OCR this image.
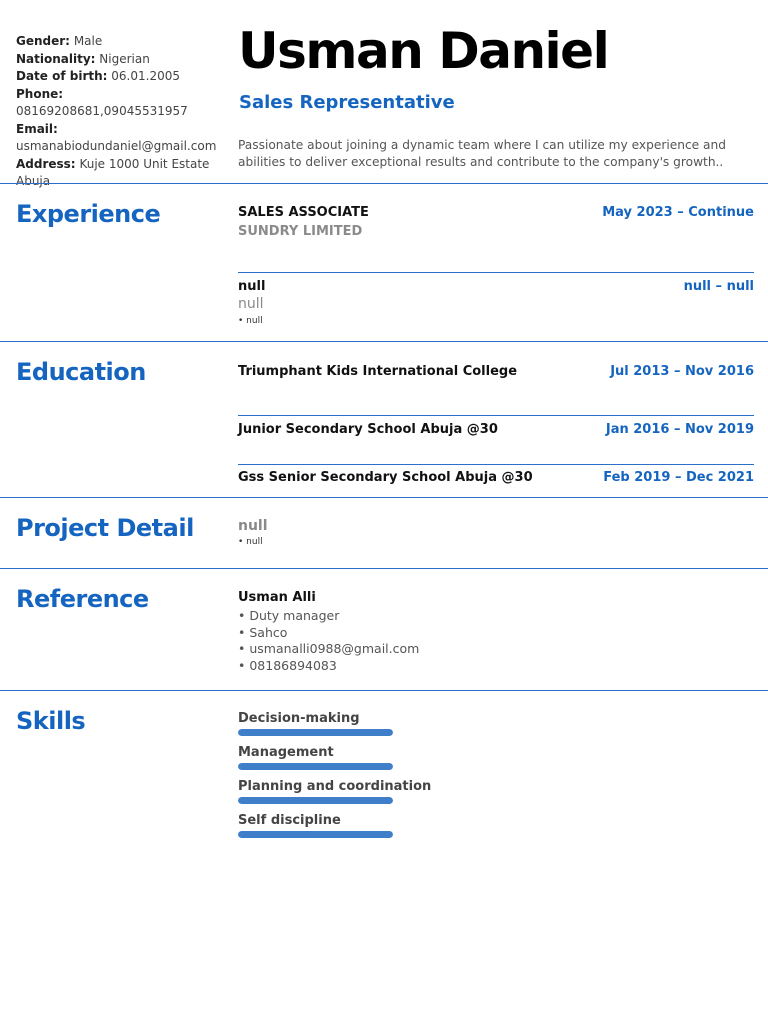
Gender: Male
Nationality: Nigerian
Date of birth: 06.01.2005
Phone: 08169208681,09045531957
Email:
usmanabiodundaniel@gmail.com
Address: Kuje 1000 Unit Estate Abuja
Usman Daniel
Sales Representative
Passionate about joining a dynamic team where I can utilize my experience and abilities to deliver exceptional results and contribute to the company's growth..
Experience	SALES ASSOCIATE	May 2023 – Continue
SUNDRY LIMITED
null	null – null
null
• null
Education	Triumphant Kids International College	Jul 2013 – Nov 2016
Junior Secondary School Abuja @30	Jan 2016 – Nov 2019
Gss Senior Secondary School Abuja @30	Feb 2019 – Dec 2021
Project Detail	null
• null
Reference	Usman Alli
• Duty manager
• Sahco
• usmanalli0988@gmail.com
• 08186894083
Skills	Decision-making
Management
Planning and coordination
Self discipline
